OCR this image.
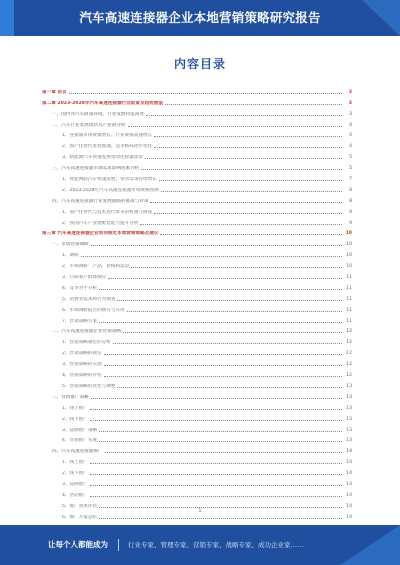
汽车高速连接器企业本地营销策略研究报告
内容目录
第一章 前言	3
第二章 2023-2028年汽车高速连接器行业前景及趋势展望	3
一、国内外汽车政策环境、行业发展特征简述	3
二、汽车行业发展现状及产业链分析	4
1、连接器市场规模增长、行业规模高速增长	4
2、国产化替代进程加速、竞争格局逐步优化	4
3、新能源汽车快速发展带动连接器需求	5
三、汽车高速连接器市场需求影响因素分析	5
1、智能网联汽车快速发展，带动需求持续增长	7
2、2023-2028年汽车高速连接器市场规模预测	8
四、汽车高速连接器行业发展面临的挑战与对策	8
1、国产化替代与技术迭代带来的机遇与挑战	9
2、我国汽车产业链配套能力提升分析	9
第三章 汽车高速连接器企业如何制定本地营销策略及建议	10
一、市场营销调研	10
1、调研	10
2、市场调研：产品、价格和渠道	10
3、目标客户群体细分	11
4、竞争对手分析	11
5、消费者需求和行为调查	11
6、市场调研报告的撰写与应用	11
7、营销策略方案	11
二、汽车高速连接器企业营销策略	12
1、营销策略制定的分析	12
2、营销策略的制定	12
3、营销策略的实施	12
4、营销策略的评估	12
5、营销策略的优化与调整	13
三、营销推广策略	13
1、线上推广	13
2、线下推广	13
3、品牌推广策略	13
4、营销推广实施	13
四、汽车高速连接器推广	14
1、线上推广	14
2、线下推广	14
3、品牌推广	14
4、活动推广	14
5、推广效果评估	14
6、推广方案总结	14
1
让每个人都能成为	行业专家、管理专家、营销专家、战略专家、成功企业家……
